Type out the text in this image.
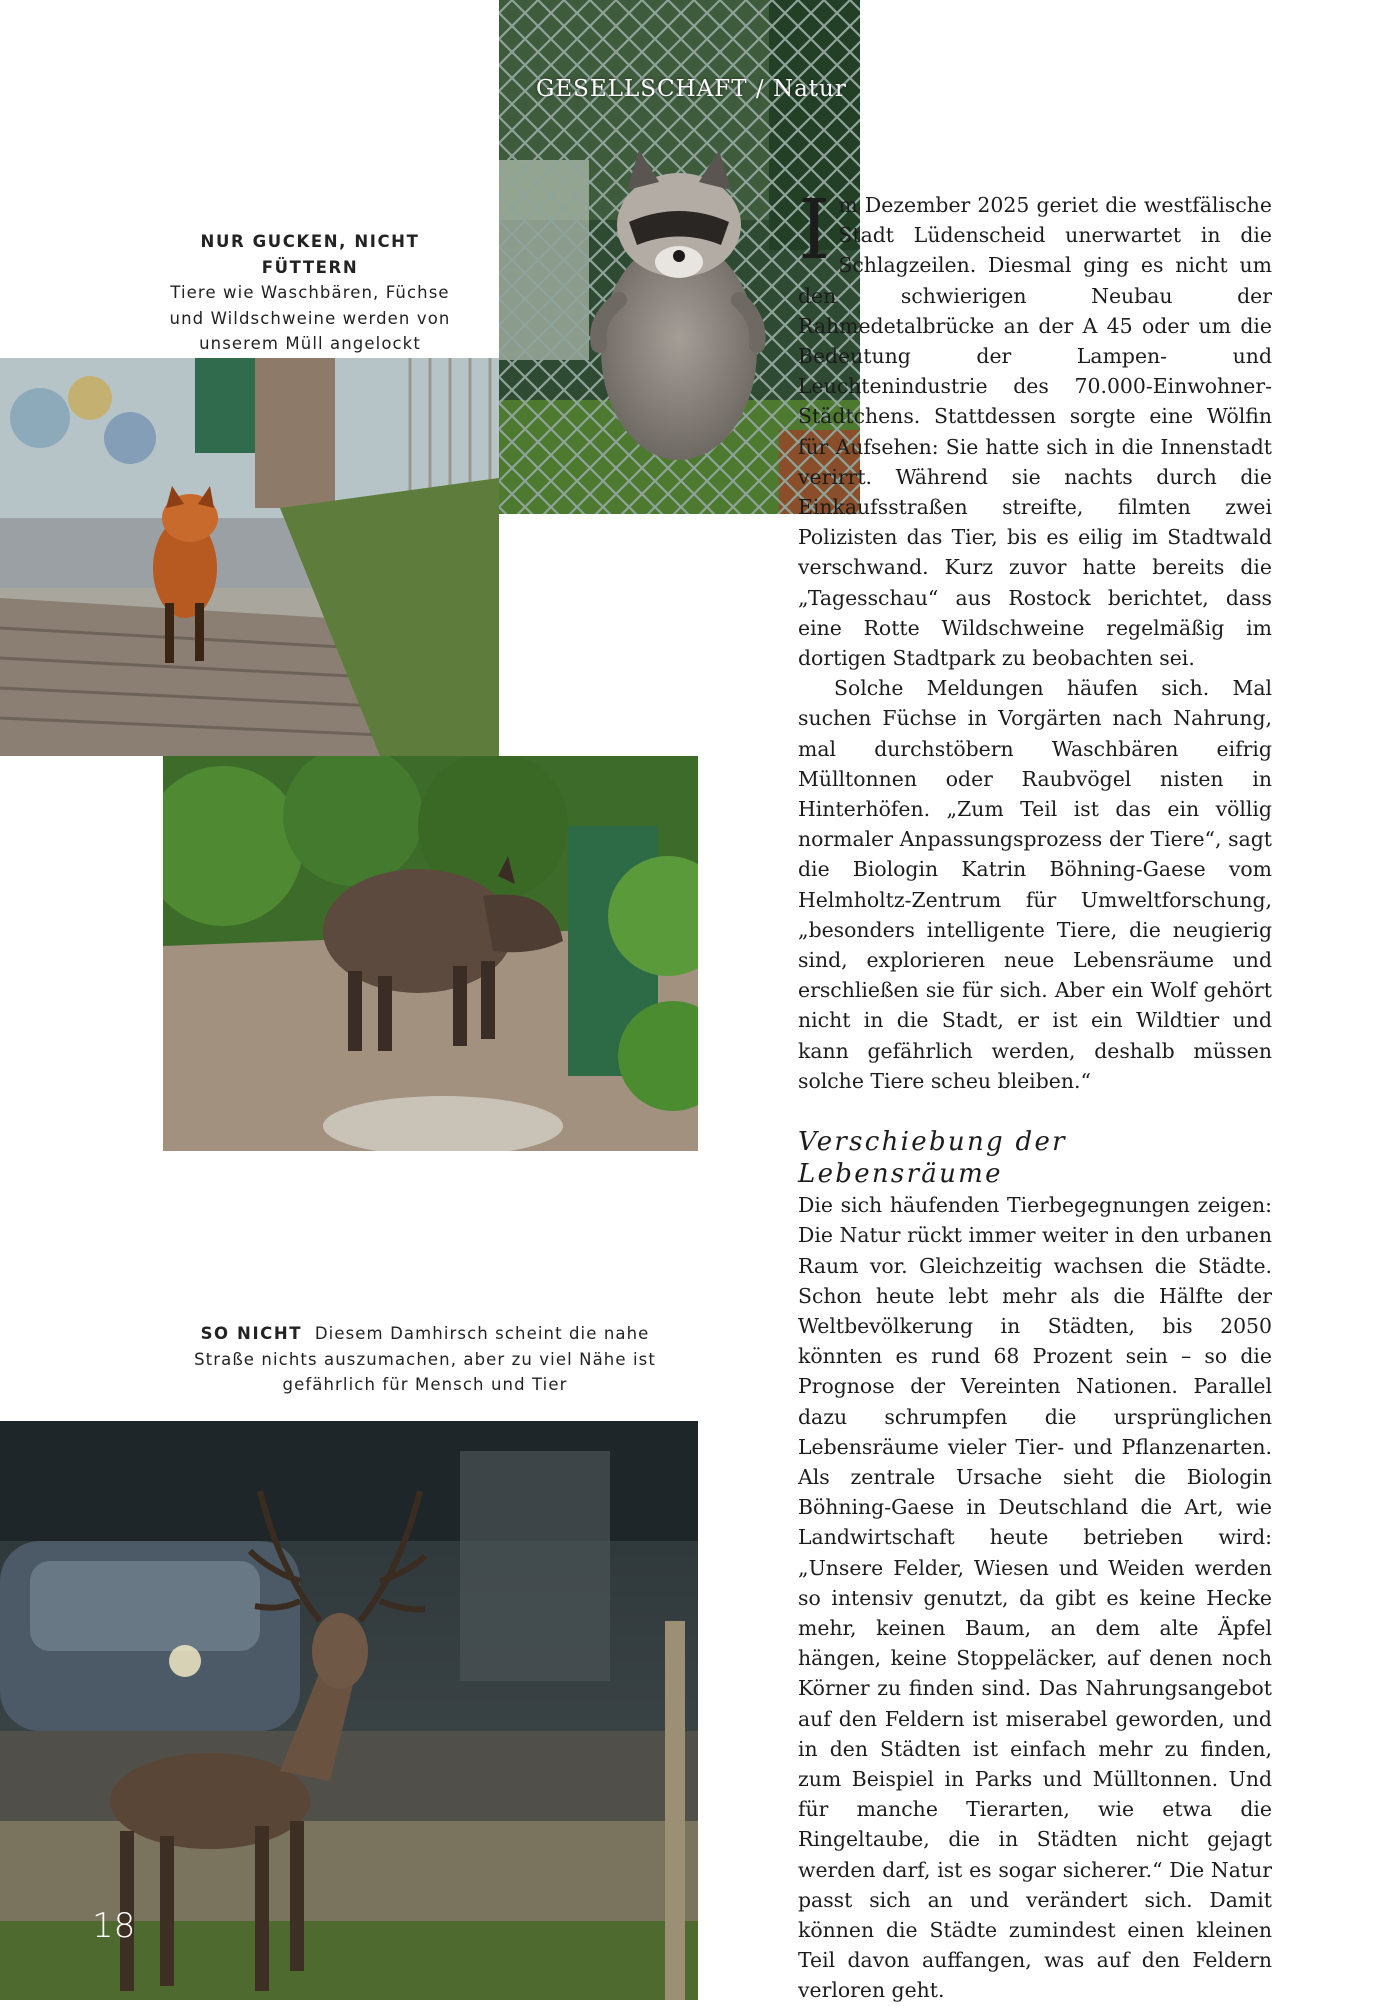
GESELLSCHAFT / Natur
NUR GUCKEN, NICHT FÜTTERN
Tiere wie Waschbären, Füchse und Wildschweine werden von unserem Müll angelockt
SO NICHT Diesem Damhirsch scheint die nahe Straße nichts auszumachen, aber zu viel Nähe ist gefährlich für Mensch und Tier
18

Im Dezember 2025 geriet die westfälische Stadt Lüdenscheid unerwartet in die Schlagzeilen. Diesmal ging es nicht um den schwierigen Neubau der Rahmedetalbrücke an der A 45 oder um die Bedeutung der Lampen- und Leuchtenindustrie des 70.000-Einwohner-Städtchens. Stattdessen sorgte eine Wölfin für Aufsehen: Sie hatte sich in die Innenstadt verirrt. Während sie nachts durch die Einkaufsstraßen streifte, filmten zwei Polizisten das Tier, bis es eilig im Stadtwald verschwand. Kurz zuvor hatte bereits die „Tagesschau“ aus Rostock berichtet, dass eine Rotte Wildschweine regelmäßig im dortigen Stadtpark zu beobachten sei.

Solche Meldungen häufen sich. Mal suchen Füchse in Vorgärten nach Nahrung, mal durchstöbern Waschbären eifrig Mülltonnen oder Raubvögel nisten in Hinterhöfen. „Zum Teil ist das ein völlig normaler Anpassungsprozess der Tiere“, sagt die Biologin Katrin Böhning-Gaese vom Helmholtz-Zentrum für Umweltforschung, „besonders intelligente Tiere, die neugierig sind, explorieren neue Lebensräume und erschließen sie für sich. Aber ein Wolf gehört nicht in die Stadt, er ist ein Wildtier und kann gefährlich werden, deshalb müssen solche Tiere scheu bleiben.“

Verschiebung der Lebensräume

Die sich häufenden Tierbegegnungen zeigen: Die Natur rückt immer weiter in den urbanen Raum vor. Gleichzeitig wachsen die Städte. Schon heute lebt mehr als die Hälfte der Weltbevölkerung in Städten, bis 2050 könnten es rund 68 Prozent sein – so die Prognose der Vereinten Nationen. Parallel dazu schrumpfen die ursprünglichen Lebensräume vieler Tier- und Pflanzenarten. Als zentrale Ursache sieht die Biologin Böhning-Gaese in Deutschland die Art, wie Landwirtschaft heute betrieben wird: „Unsere Felder, Wiesen und Weiden werden so intensiv genutzt, da gibt es keine Hecke mehr, keinen Baum, an dem alte Äpfel hängen, keine Stoppeläcker, auf denen noch Körner zu finden sind. Das Nahrungsangebot auf den Feldern ist miserabel geworden, und in den Städten ist einfach mehr zu finden, zum Beispiel in Parks und Mülltonnen. Und für manche Tierarten, wie etwa die Ringeltaube, die in Städten nicht gejagt werden darf, ist es sogar sicherer.“ Die Natur passt sich an und verändert sich. Damit können die Städte zumindest einen kleinen Teil davon auffangen, was auf den Feldern verloren geht.
